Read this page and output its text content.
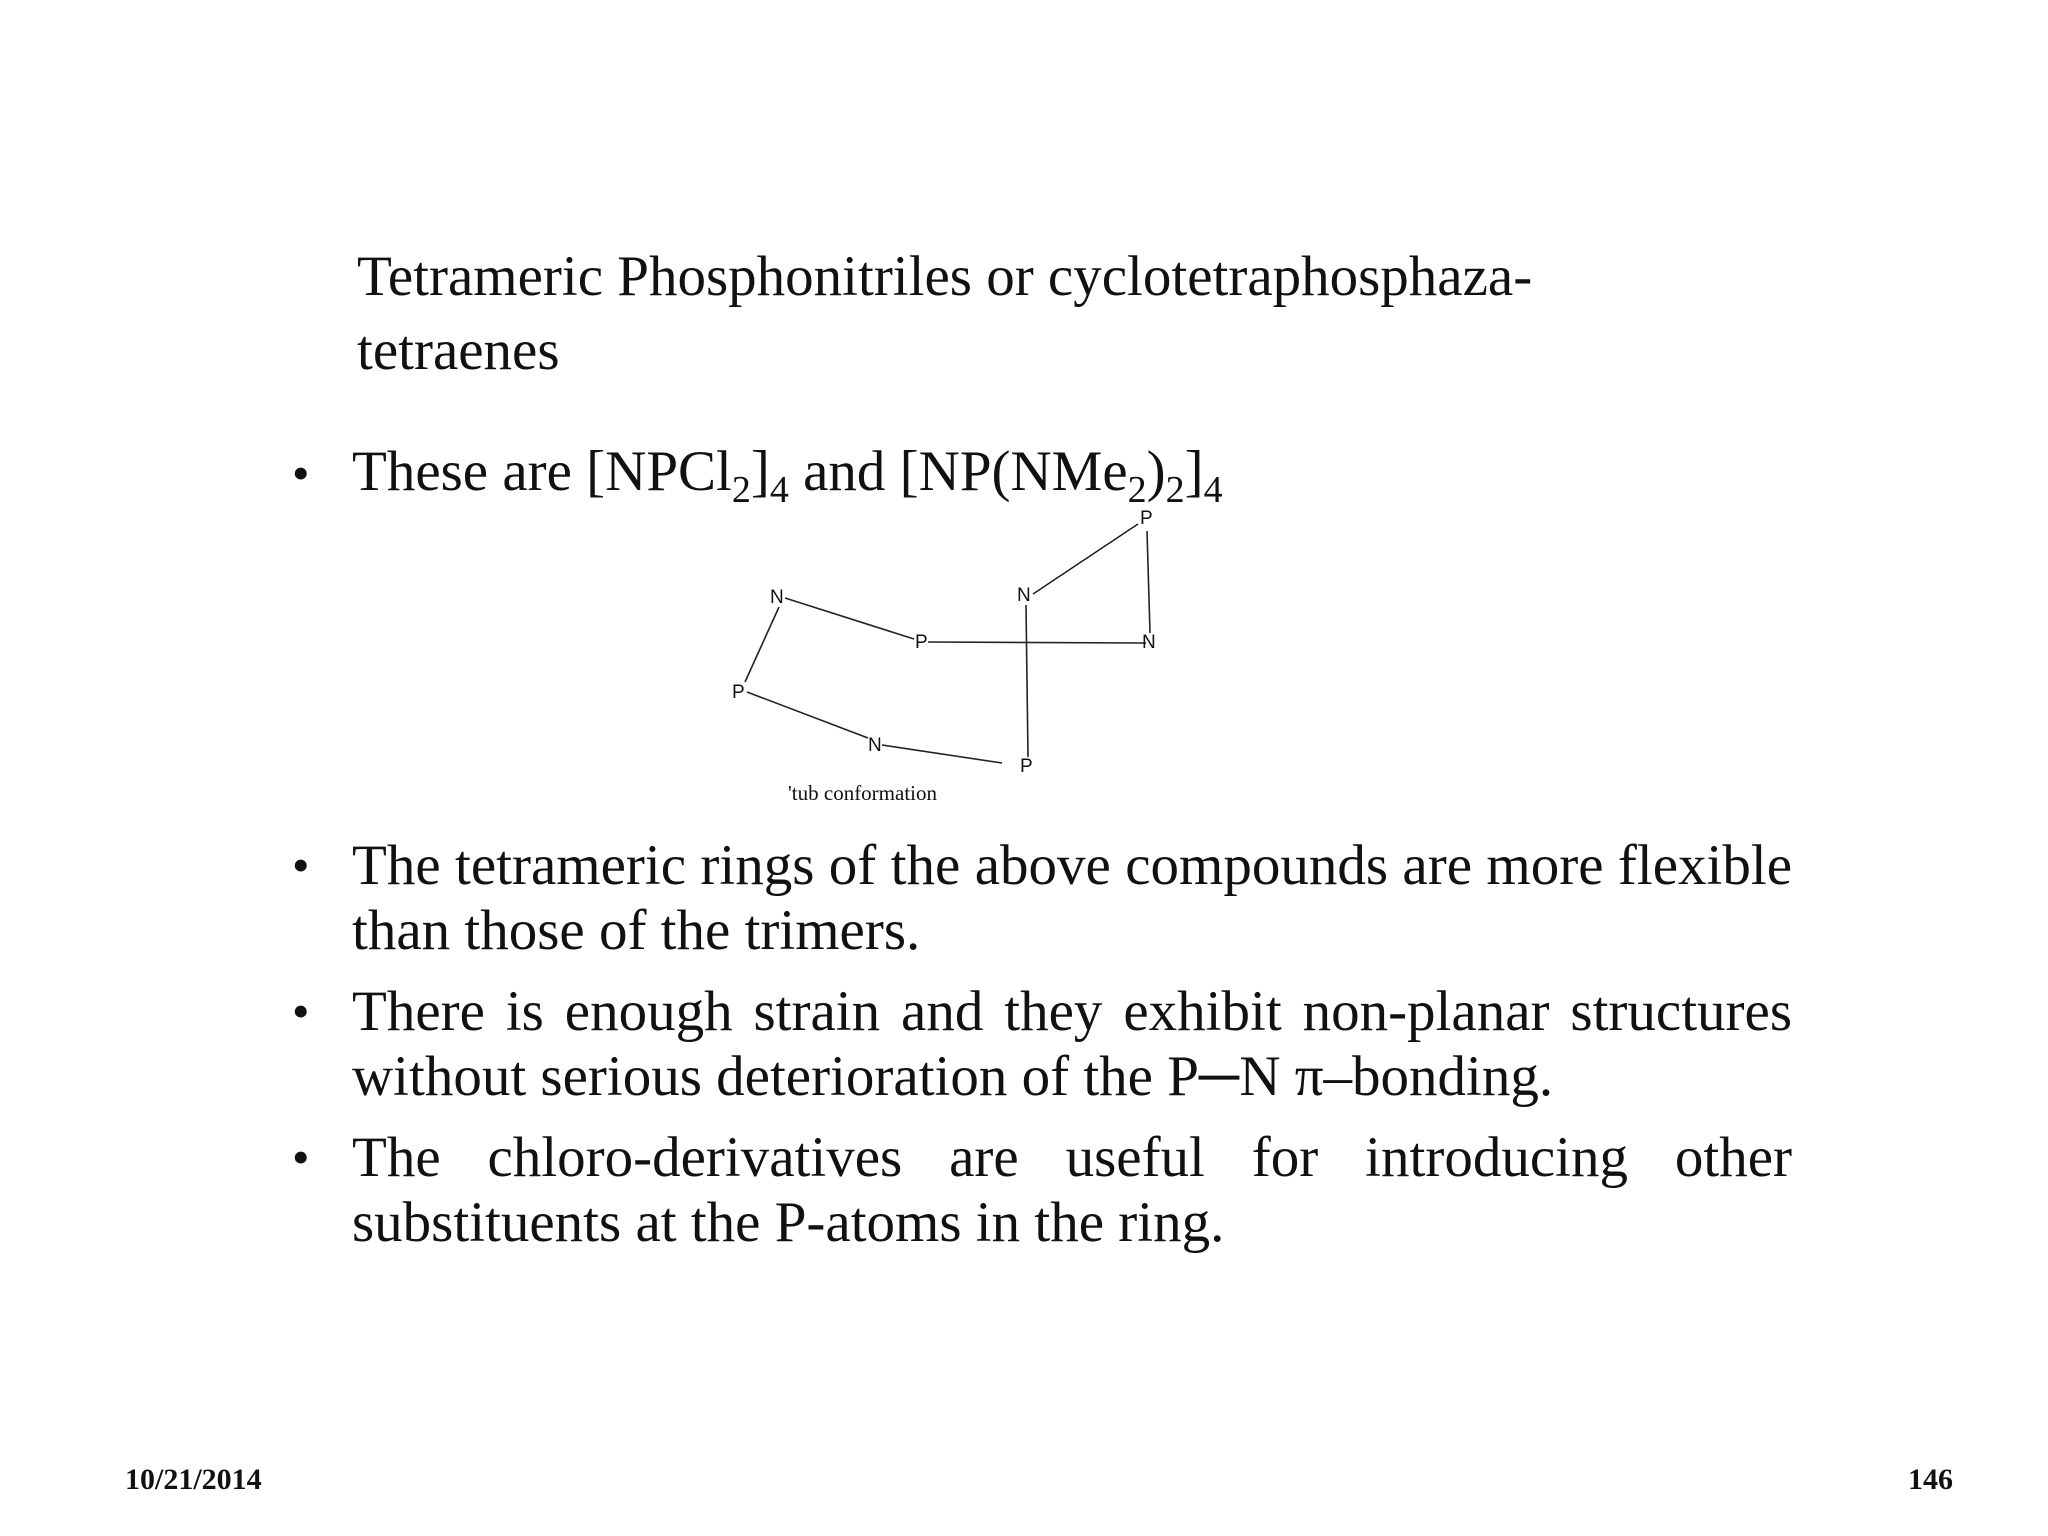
Tetrameric Phosphonitriles or cyclotetraphosphaza-
tetraenes
• These are $[NPCl_2]_4$ and $[NP(NMe_2)_2]_4$
N
P
P
N
P
N
P
N
'tub conformation
• The tetrameric rings of the above compounds are more flexible than those of the trimers.
• There is enough strain and they exhibit non-planar structures without serious deterioration of the P─N π–bonding.
• The chloro-derivatives are useful for introducing other substituents at the P-atoms in the ring.
10/21/2014	146
